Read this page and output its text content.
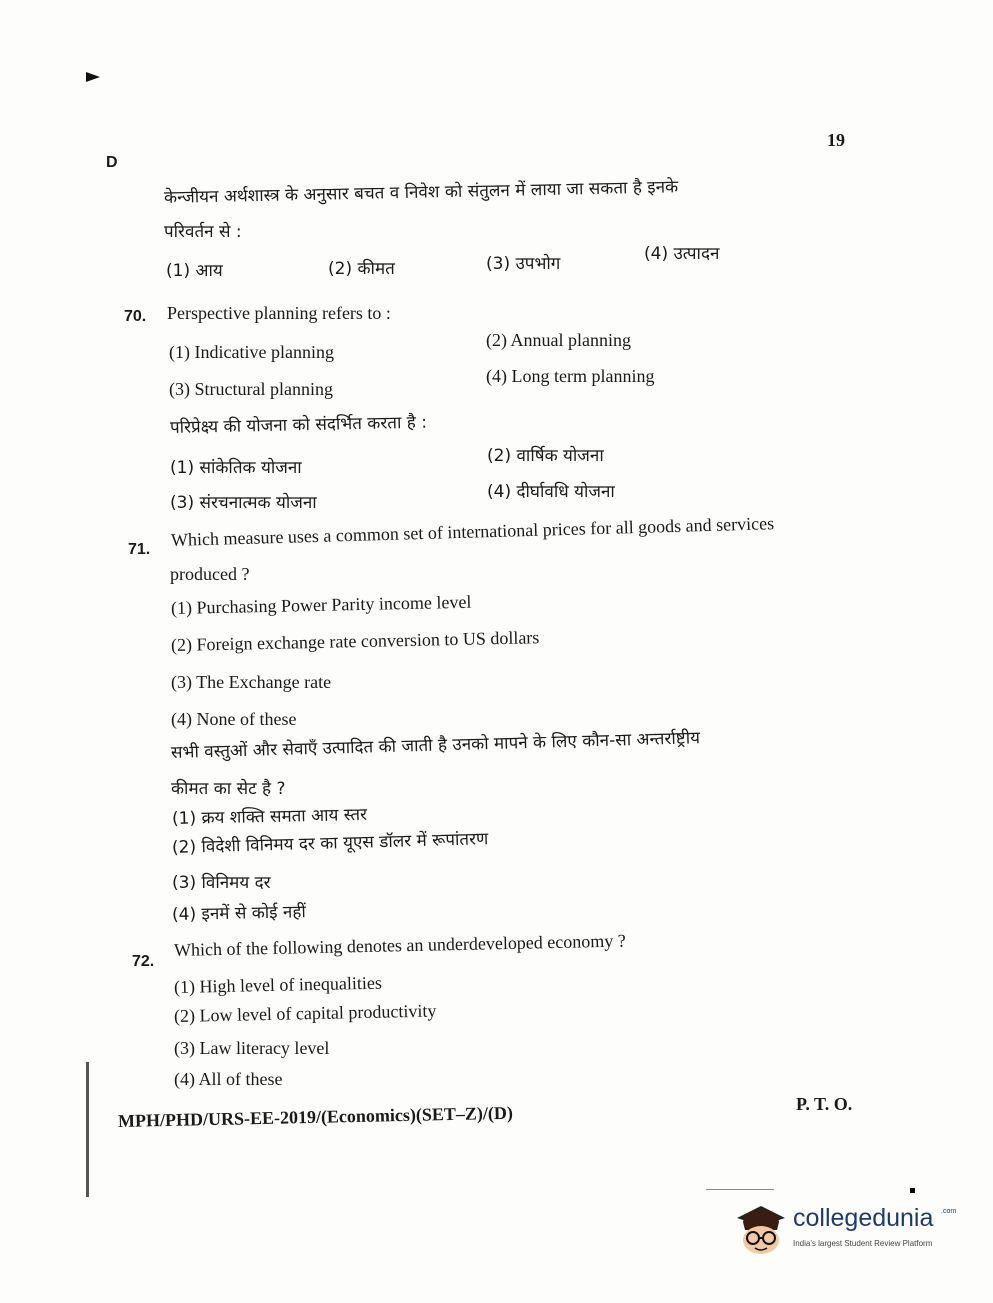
D
19
केन्जीयन अर्थशास्त्र के अनुसार बचत व निवेश को संतुलन में लाया जा सकता है इनके
परिवर्तन से :
(1) आय	(2) कीमत	(3) उपभोग	(4) उत्पादन
70. Perspective planning refers to :
(1) Indicative planning
(2) Annual planning
(3) Structural planning
(4) Long term planning
परिप्रेक्ष्य की योजना को संदर्भित करता है :
(1) सांकेतिक योजना
(2) वार्षिक योजना
(3) संरचनात्मक योजना
(4) दीर्घावधि योजना
71. Which measure uses a common set of international prices for all goods and services
produced ?
(1) Purchasing Power Parity income level
(2) Foreign exchange rate conversion to US dollars
(3) The Exchange rate
(4) None of these
सभी वस्तुओं और सेवाएँ उत्पादित की जाती है उनको मापने के लिए कौन-सा अन्तर्राष्ट्रीय
कीमत का सेट है ?
(1) क्रय शक्ति समता आय स्तर
(2) विदेशी विनिमय दर का यूएस डॉलर में रूपांतरण
(3) विनिमय दर
(4) इनमें से कोई नहीं
72.
Which of the following denotes an underdeveloped economy ?
(1) High level of inequalities
(2) Low level of capital productivity
(3) Law literacy level
(4) All of these
MPH/PHD/URS-EE-2019/(Economics)(SET–Z)/(D)	P. T. O.
collegedunia .com
India's largest Student Review Platform
